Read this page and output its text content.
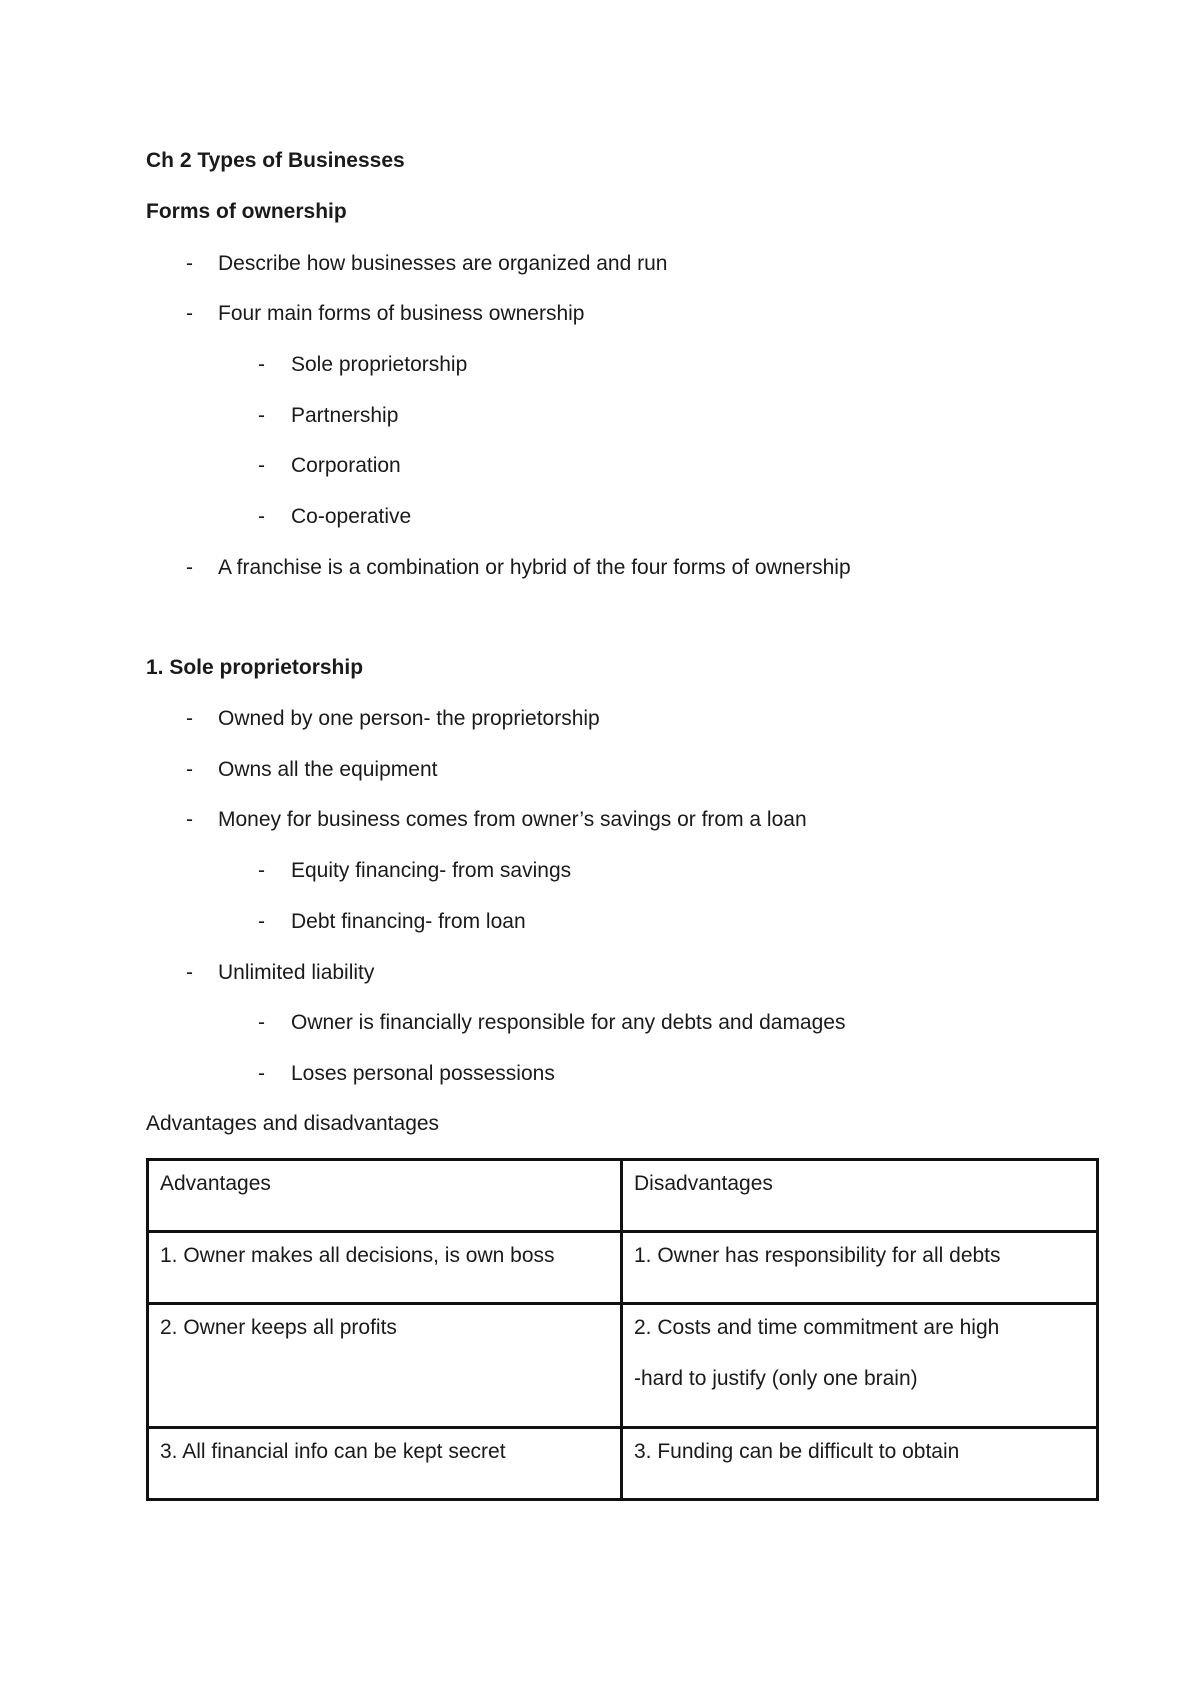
Ch 2 Types of Businesses
Forms of ownership
- Describe how businesses are organized and run
- Four main forms of business ownership
- Sole proprietorship
- Partnership
- Corporation
- Co-operative
- A franchise is a combination or hybrid of the four forms of ownership
1. Sole proprietorship
- Owned by one person- the proprietorship
- Owns all the equipment
- Money for business comes from owner’s savings or from a loan
- Equity financing- from savings
- Debt financing- from loan
- Unlimited liability
- Owner is financially responsible for any debts and damages
- Loses personal possessions
Advantages and disadvantages
Advantages	Disadvantages
1. Owner makes all decisions, is own boss	1. Owner has responsibility for all debts
2. Owner keeps all profits	2. Costs and time commitment are high
-hard to justify (only one brain)

3. All financial info can be kept secret	3. Funding can be difficult to obtain
